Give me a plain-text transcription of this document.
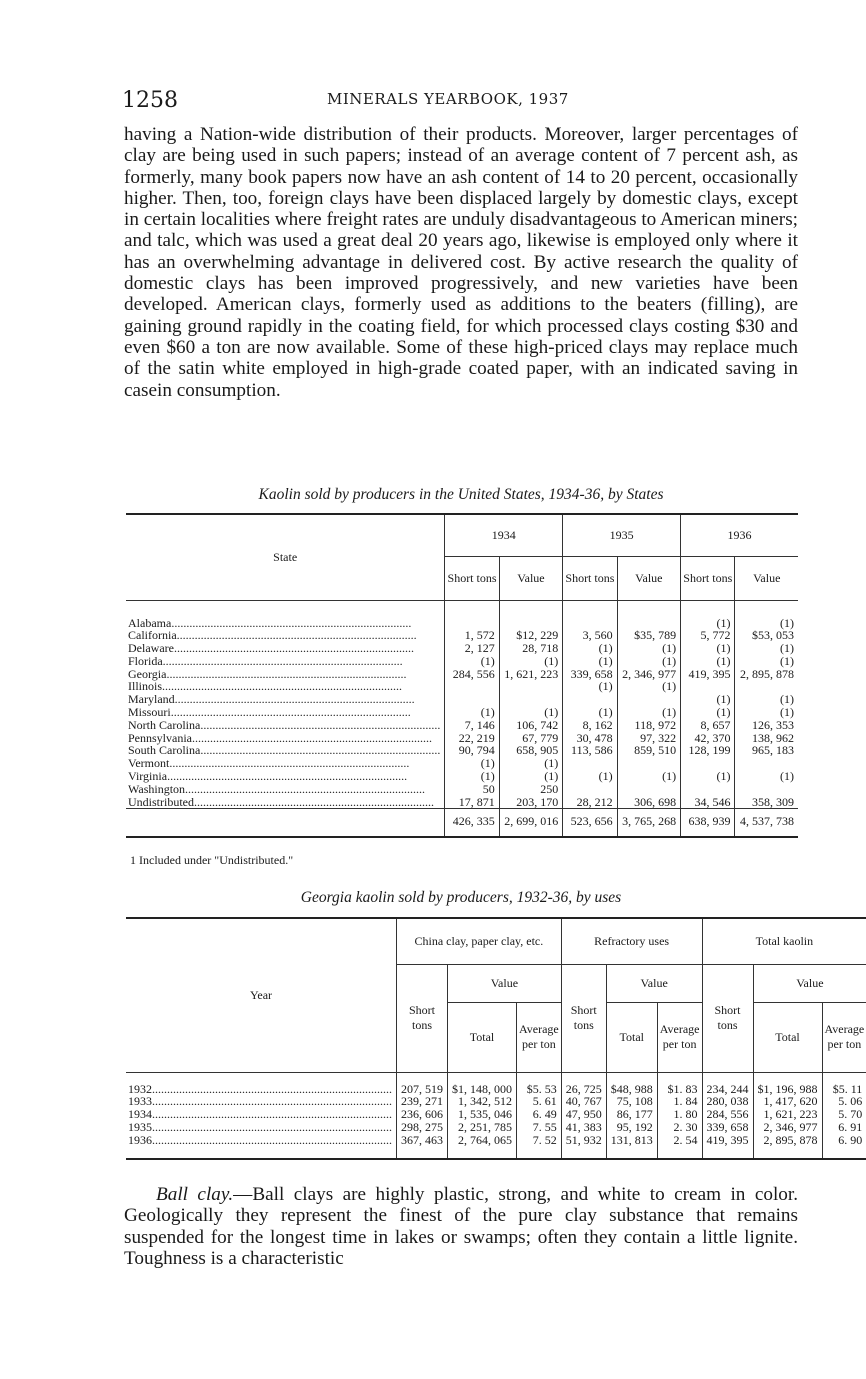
1258	MINERALS YEARBOOK, 1937

having a Nation-wide distribution of their products. Moreover, larger percentages of clay are being used in such papers; instead of an average content of 7 percent ash, as formerly, many book papers now have an ash content of 14 to 20 percent, occasionally higher. Then, too, foreign clays have been displaced largely by domestic clays, except in certain localities where freight rates are unduly disadvantageous to American miners; and talc, which was used a great deal 20 years ago, likewise is employed only where it has an overwhelming advantage in delivered cost. By active research the quality of domestic clays has been improved progressively, and new varieties have been developed. American clays, formerly used as additions to the beaters (filling), are gaining ground rapidly in the coating field, for which processed clays costing $30 and even $60 a ton are now available. Some of these high-priced clays may replace much of the satin white employed in high-grade coated paper, with an indicated saving in casein consumption.

Kaolin sold by producers in the United States, 1934-36, by States
State	1934		1935		1936	
	Short tons	Value	Short tons	Value	Short tons	Value
Alabama................................................................................					(1)	(1)
California................................................................................	1, 572	$12, 229	3, 560	$35, 789	5, 772	$53, 053
Delaware................................................................................	2, 127	28, 718	(1)	(1)	(1)	(1)
Florida................................................................................	(1)	(1)	(1)	(1)	(1)	(1)
Georgia................................................................................	284, 556	1, 621, 223	339, 658	2, 346, 977	419, 395	2, 895, 878
Illinois................................................................................			(1)	(1)		
Maryland................................................................................					(1)	(1)
Missouri................................................................................	(1)	(1)	(1)	(1)	(1)	(1)
North Carolina................................................................................	7, 146	106, 742	8, 162	118, 972	8, 657	126, 353
Pennsylvania................................................................................	22, 219	67, 779	30, 478	97, 322	42, 370	138, 962
South Carolina................................................................................	90, 794	658, 905	113, 586	859, 510	128, 199	965, 183
Vermont................................................................................	(1)	(1)				
Virginia................................................................................	(1)	(1)	(1)	(1)	(1)	(1)
Washington................................................................................	50	250				
Undistributed................................................................................	17, 871	203, 170	28, 212	306, 698	34, 546	358, 309
	426, 335	2, 699, 016	523, 656	3, 765, 268	638, 939	4, 537, 738
1 Included under "Undistributed."
Georgia kaolin sold by producers, 1932-36, by uses
Year	China clay, paper clay, etc.			Refractory uses			Total kaolin		
	Short tons	Value		Short tons	Value		Short tons	Value	
		Total	Average per ton		Total	Average per ton		Total	Average per ton
1932................................................................................	207, 519	$1, 148, 000	$5. 53	26, 725	$48, 988	$1. 83	234, 244	$1, 196, 988	$5. 11
1933................................................................................	239, 271	1, 342, 512	5. 61	40, 767	75, 108	1. 84	280, 038	1, 417, 620	5. 06
1934................................................................................	236, 606	1, 535, 046	6. 49	47, 950	86, 177	1. 80	284, 556	1, 621, 223	5. 70
1935................................................................................	298, 275	2, 251, 785	7. 55	41, 383	95, 192	2. 30	339, 658	2, 346, 977	6. 91
1936................................................................................	367, 463	2, 764, 065	7. 52	51, 932	131, 813	2. 54	419, 395	2, 895, 878	6. 90

Ball clay.—Ball clays are highly plastic, strong, and white to cream in color. Geologically they represent the finest of the pure clay substance that remains suspended for the longest time in lakes or swamps; often they contain a little lignite. Toughness is a characteristic
